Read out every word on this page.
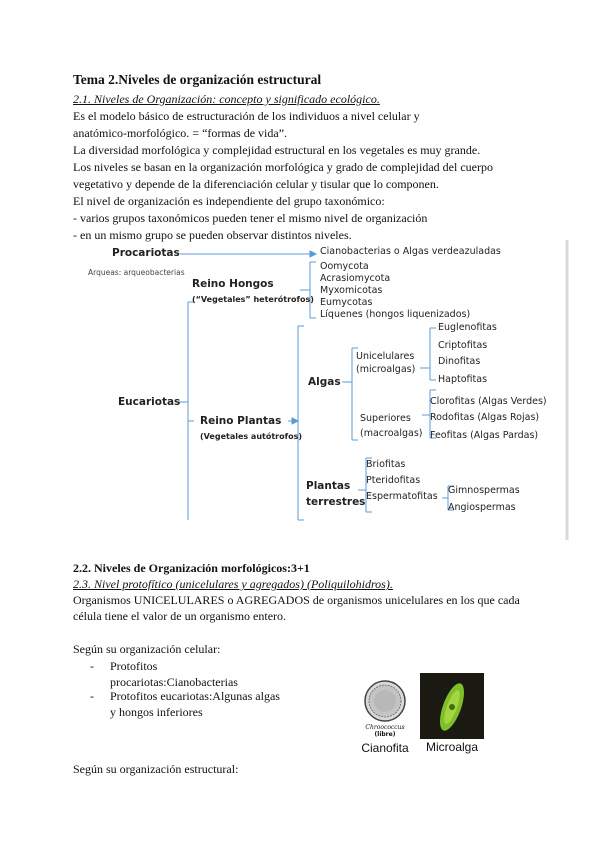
Tema 2.Niveles de organización estructural
2.1. Niveles de Organización: concepto y significado ecológico.
Es el modelo básico de estructuración de los individuos a nivel celular y
anatómico-morfológico. = “formas de vida”.
La diversidad morfológica y complejidad estructural en los vegetales es muy grande.
Los niveles se basan en la organización morfológica y grado de complejidad del cuerpo
vegetativo y depende de la diferenciación celular y tisular que lo componen.
El nivel de organización es independiente del grupo taxonómico:
- varios grupos taxonómicos pueden tener el mismo nivel de organización
- en un mismo grupo se pueden observar distintos niveles.
Procariotas	Cianobacterias o Algas verdeazuladas
Arqueas: arqueobacterias
Reino Hongos
(“Vegetales” heterótrofos)
Oomycota
Acrasiomycota
Myxomicotas
Eumycotas
Líquenes (hongos liquenizados)
Eucariotas
Reino Plantas
(Vegetales autótrofos)
Algas
Unicelulares
(microalgas)
Euglenofitas
Criptofitas
Dinofitas
Haptofitas
Superiores
(macroalgas)
Clorofitas (Algas Verdes)
Rodofitas (Algas Rojas)
Feofitas (Algas Pardas)
Plantas
terrestres
Briofitas
Pteridofitas
Espermatofitas
Gimnospermas
Angiospermas
2.2. Niveles de Organización morfológicos:3+1
2.3. Nivel protofítico (unicelulares y agregados) (Poliquilohidros).
Organismos UNICELULARES o AGREGADOS de organismos unicelulares en los que cada
célula tiene el valor de un organismo entero.
Según su organización celular:
- Protofitos
procariotas:Cianobacterias
- Protofitos eucariotas:Algunas algas
y hongos inferiores
Chroococcus
(libre)
Cianofita	Microalga
Según su organización estructural:
